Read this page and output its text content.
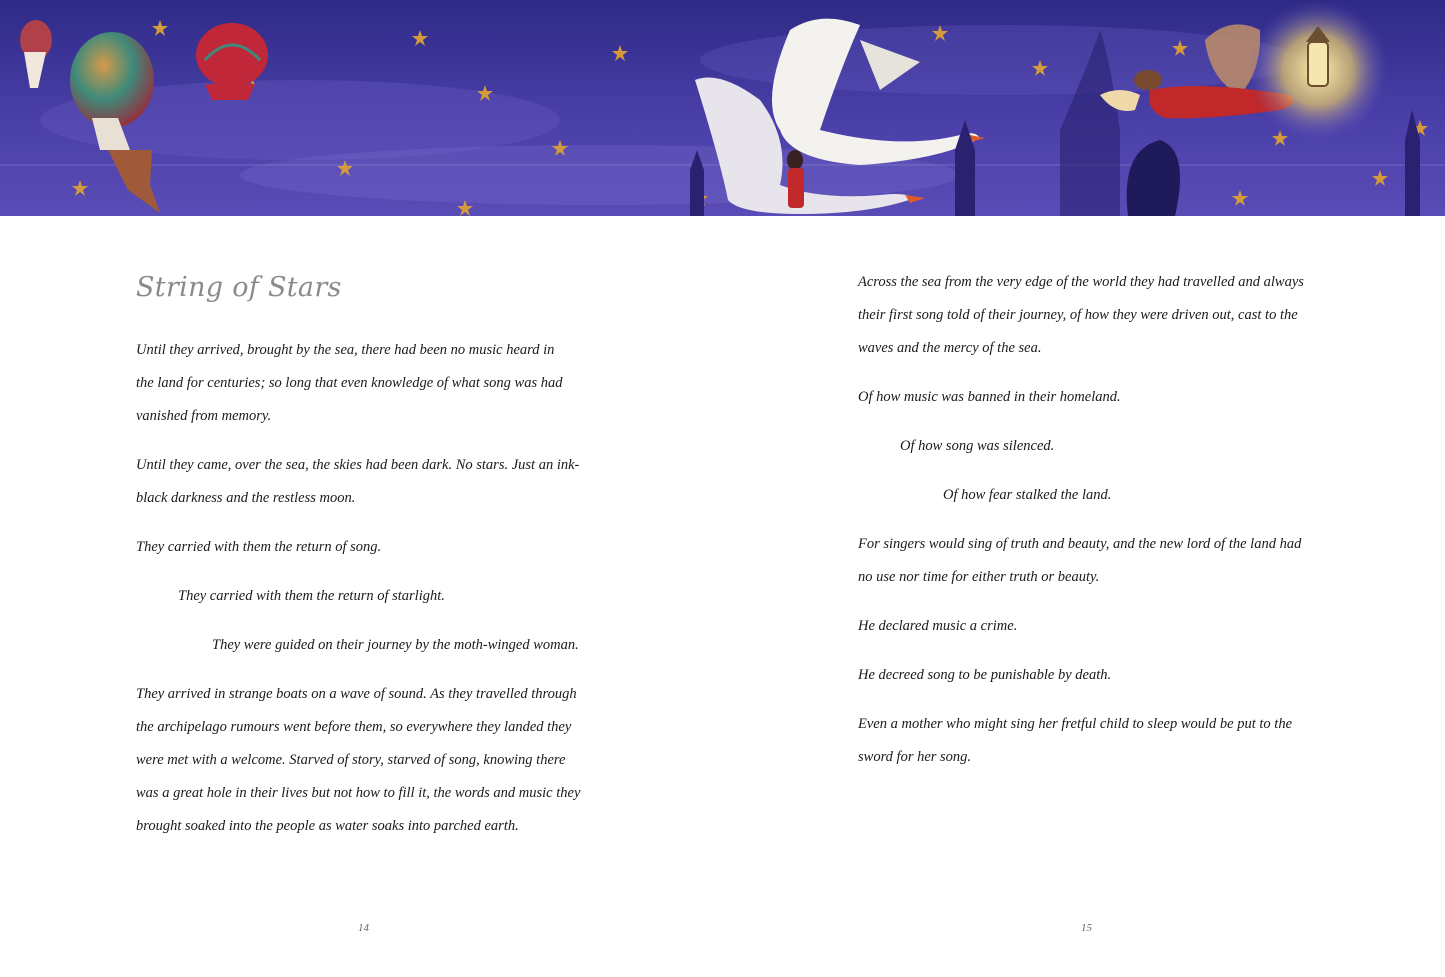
String of Stars
Until they arrived, brought by the sea, there had been no music heard in
the land for centuries; so long that even knowledge of what song was had
vanished from memory.
Until they came, over the sea, the skies had been dark. No stars. Just an ink-
black darkness and the restless moon.
They carried with them the return of song.
They carried with them the return of starlight.
They were guided on their journey by the moth-winged woman.
They arrived in strange boats on a wave of sound. As they travelled through
the archipelago rumours went before them, so everywhere they landed they
were met with a welcome. Starved of story, starved of song, knowing there
was a great hole in their lives but not how to fill it, the words and music they
brought soaked into the people as water soaks into parched earth.
14
Across the sea from the very edge of the world they had travelled and always
their first song told of their journey, of how they were driven out, cast to the
waves and the mercy of the sea.
Of how music was banned in their homeland.
Of how song was silenced.
Of how fear stalked the land.
For singers would sing of truth and beauty, and the new lord of the land had
no use nor time for either truth or beauty.
He declared music a crime.
He decreed song to be punishable by death.
Even a mother who might sing her fretful child to sleep would be put to the
sword for her song.
15
